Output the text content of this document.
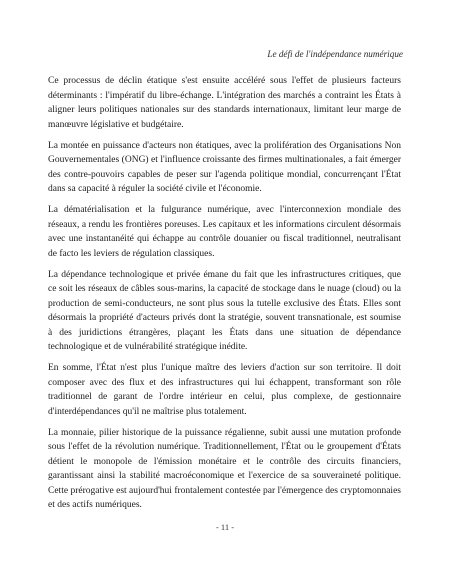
Le défi de l'indépendance numérique

Ce processus de déclin étatique s'est ensuite accéléré sous l'effet de plusieurs facteurs déterminants : l'impératif du libre-échange. L'intégration des marchés a contraint les États à aligner leurs politiques nationales sur des standards internationaux, limitant leur marge de manœuvre législative et budgétaire.

La montée en puissance d'acteurs non étatiques, avec la prolifération des Organisations Non Gouvernementales (ONG) et l'influence croissante des firmes multinationales, a fait émerger des contre-pouvoirs capables de peser sur l'agenda politique mondial, concurrençant l'État dans sa capacité à réguler la société civile et l'économie.

La dématérialisation et la fulgurance numérique, avec l'interconnexion mondiale des réseaux, a rendu les frontières poreuses. Les capitaux et les informations circulent désormais avec une instantanéité qui échappe au contrôle douanier ou fiscal traditionnel, neutralisant de facto les leviers de régulation classiques.

La dépendance technologique et privée émane du fait que les infrastructures critiques, que ce soit les réseaux de câbles sous-marins, la capacité de stockage dans le nuage (cloud) ou la production de semi-conducteurs, ne sont plus sous la tutelle exclusive des États. Elles sont désormais la propriété d'acteurs privés dont la stratégie, souvent transnationale, est soumise à des juridictions étrangères, plaçant les États dans une situation de dépendance technologique et de vulnérabilité stratégique inédite.

En somme, l'État n'est plus l'unique maître des leviers d'action sur son territoire. Il doit composer avec des flux et des infrastructures qui lui échappent, transformant son rôle traditionnel de garant de l'ordre intérieur en celui, plus complexe, de gestionnaire d'interdépendances qu'il ne maîtrise plus totalement.

La monnaie, pilier historique de la puissance régalienne, subit aussi une mutation profonde sous l'effet de la révolution numérique. Traditionnellement, l'État ou le groupement d'États détient le monopole de l'émission monétaire et le contrôle des circuits financiers, garantissant ainsi la stabilité macroéconomique et l'exercice de sa souveraineté politique. Cette prérogative est aujourd'hui frontalement contestée par l'émergence des cryptomonnaies et des actifs numériques.

- 11 -
